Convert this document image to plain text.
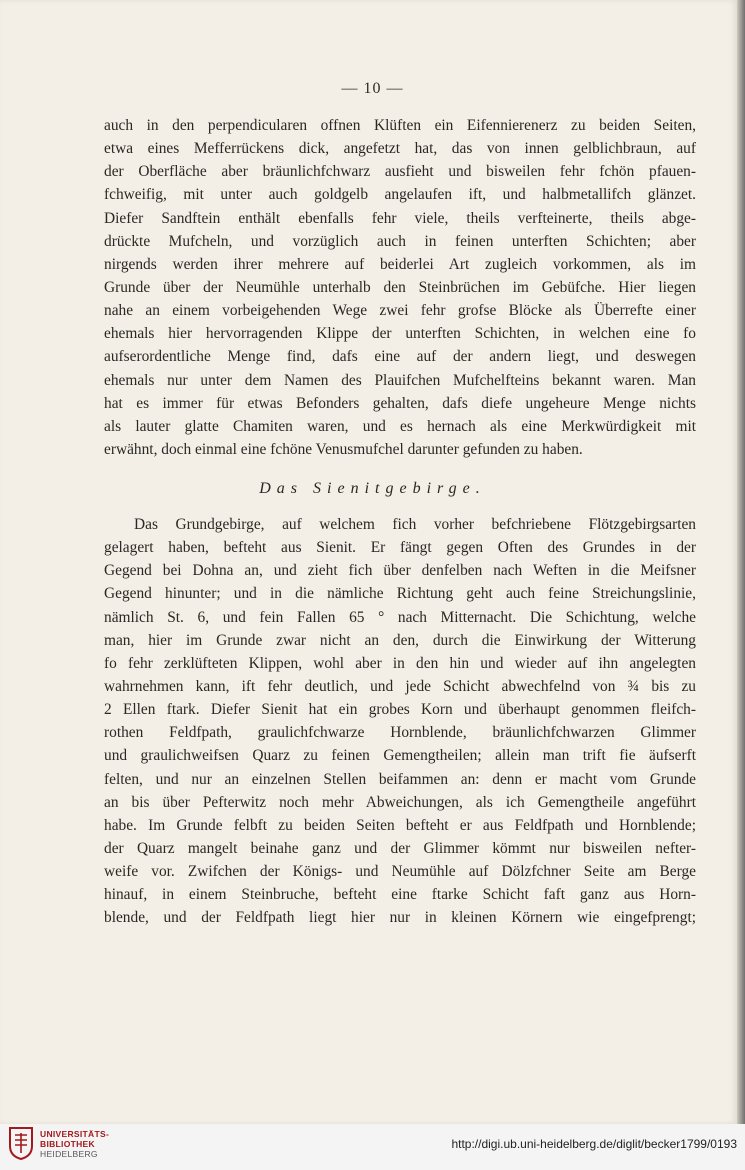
— 10 —
auch in den perpendicularen offnen Klüften ein Eifennierenerz zu beiden Seiten,
etwa eines Mefferrückens dick, angefetzt hat, das von innen gelblichbraun, auf
der Oberfläche aber bräunlichfchwarz ausfieht und bisweilen fehr fchön pfauen-
fchweifig, mit unter auch goldgelb angelaufen ift, und halbmetallifch glänzet.
Diefer Sandftein enthält ebenfalls fehr viele, theils verfteinerte, theils abge-
drückte Mufcheln, und vorzüglich auch in feinen unterften Schichten; aber
nirgends werden ihrer mehrere auf beiderlei Art zugleich vorkommen, als im
Grunde über der Neumühle unterhalb den Steinbrüchen im Gebüfche. Hier liegen
nahe an einem vorbeigehenden Wege zwei fehr grofse Blöcke als Überrefte einer
ehemals hier hervorragenden Klippe der unterften Schichten, in welchen eine fo
aufserordentliche Menge find, dafs eine auf der andern liegt, und deswegen
ehemals nur unter dem Namen des Plauifchen Mufchelfteins bekannt waren. Man
hat es immer für etwas Befonders gehalten, dafs diefe ungeheure Menge nichts
als lauter glatte Chamiten waren, und es hernach als eine Merkwürdigkeit mit
erwähnt, doch einmal eine fchöne Venusmufchel darunter gefunden zu haben.
Das Sienitgebirge.
Das Grundgebirge, auf welchem fich vorher befchriebene Flötzgebirgsarten
gelagert haben, befteht aus Sienit. Er fängt gegen Often des Grundes in der
Gegend bei Dohna an, und zieht fich über denfelben nach Weften in die Meifsner
Gegend hinunter; und in die nämliche Richtung geht auch feine Streichungslinie,
nämlich St. 6, und fein Fallen 65 ° nach Mitternacht. Die Schichtung, welche
man, hier im Grunde zwar nicht an den, durch die Einwirkung der Witterung
fo fehr zerklüfteten Klippen, wohl aber in den hin und wieder auf ihn angelegten
wahrnehmen kann, ift fehr deutlich, und jede Schicht abwechfelnd von ¾ bis zu
2 Ellen ftark. Diefer Sienit hat ein grobes Korn und überhaupt genommen fleifch-
rothen Feldfpath, graulichfchwarze Hornblende, bräunlichfchwarzen Glimmer
und graulichweifsen Quarz zu feinen Gemengtheilen; allein man trift fie äufserft
felten, und nur an einzelnen Stellen beifammen an: denn er macht vom Grunde
an bis über Pefterwitz noch mehr Abweichungen, als ich Gemengtheile angeführt
habe. Im Grunde felbft zu beiden Seiten befteht er aus Feldfpath und Hornblende;
der Quarz mangelt beinahe ganz und der Glimmer kömmt nur bisweilen nefter-
weife vor. Zwifchen der Königs- und Neumühle auf Dölzfchner Seite am Berge
hinauf, in einem Steinbruche, befteht eine ftarke Schicht faft ganz aus Horn-
blende, und der Feldfpath liegt hier nur in kleinen Körnern wie eingefprengt;
UNIVERSITÄTS-
BIBLIOTHEK
HEIDELBERG
http://digi.ub.uni-heidelberg.de/diglit/becker1799/0193
